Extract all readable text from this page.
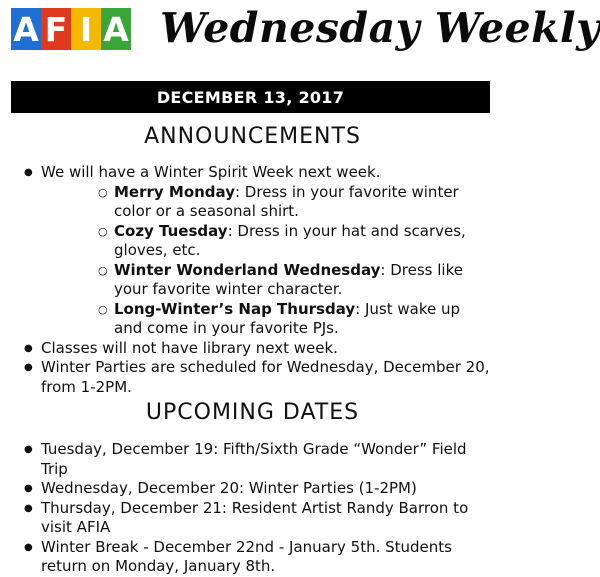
A F I A Wednesday Weekly
DECEMBER 13, 2017
ANNOUNCEMENTS
● We will have a Winter Spirit Week next week.
○ Merry Monday: Dress in your favorite winter color or a seasonal shirt.
○ Cozy Tuesday: Dress in your hat and scarves, gloves, etc.
○ Winter Wonderland Wednesday: Dress like your favorite winter character.
○ Long-Winter’s Nap Thursday: Just wake up and come in your favorite PJs.
● Classes will not have library next week.
● Winter Parties are scheduled for Wednesday, December 20, from 1-2PM.
UPCOMING DATES
● Tuesday, December 19: Fifth/Sixth Grade “Wonder” Field Trip
● Wednesday, December 20: Winter Parties (1-2PM)
● Thursday, December 21: Resident Artist Randy Barron to visit AFIA
● Winter Break - December 22nd - January 5th. Students return on Monday, January 8th.
